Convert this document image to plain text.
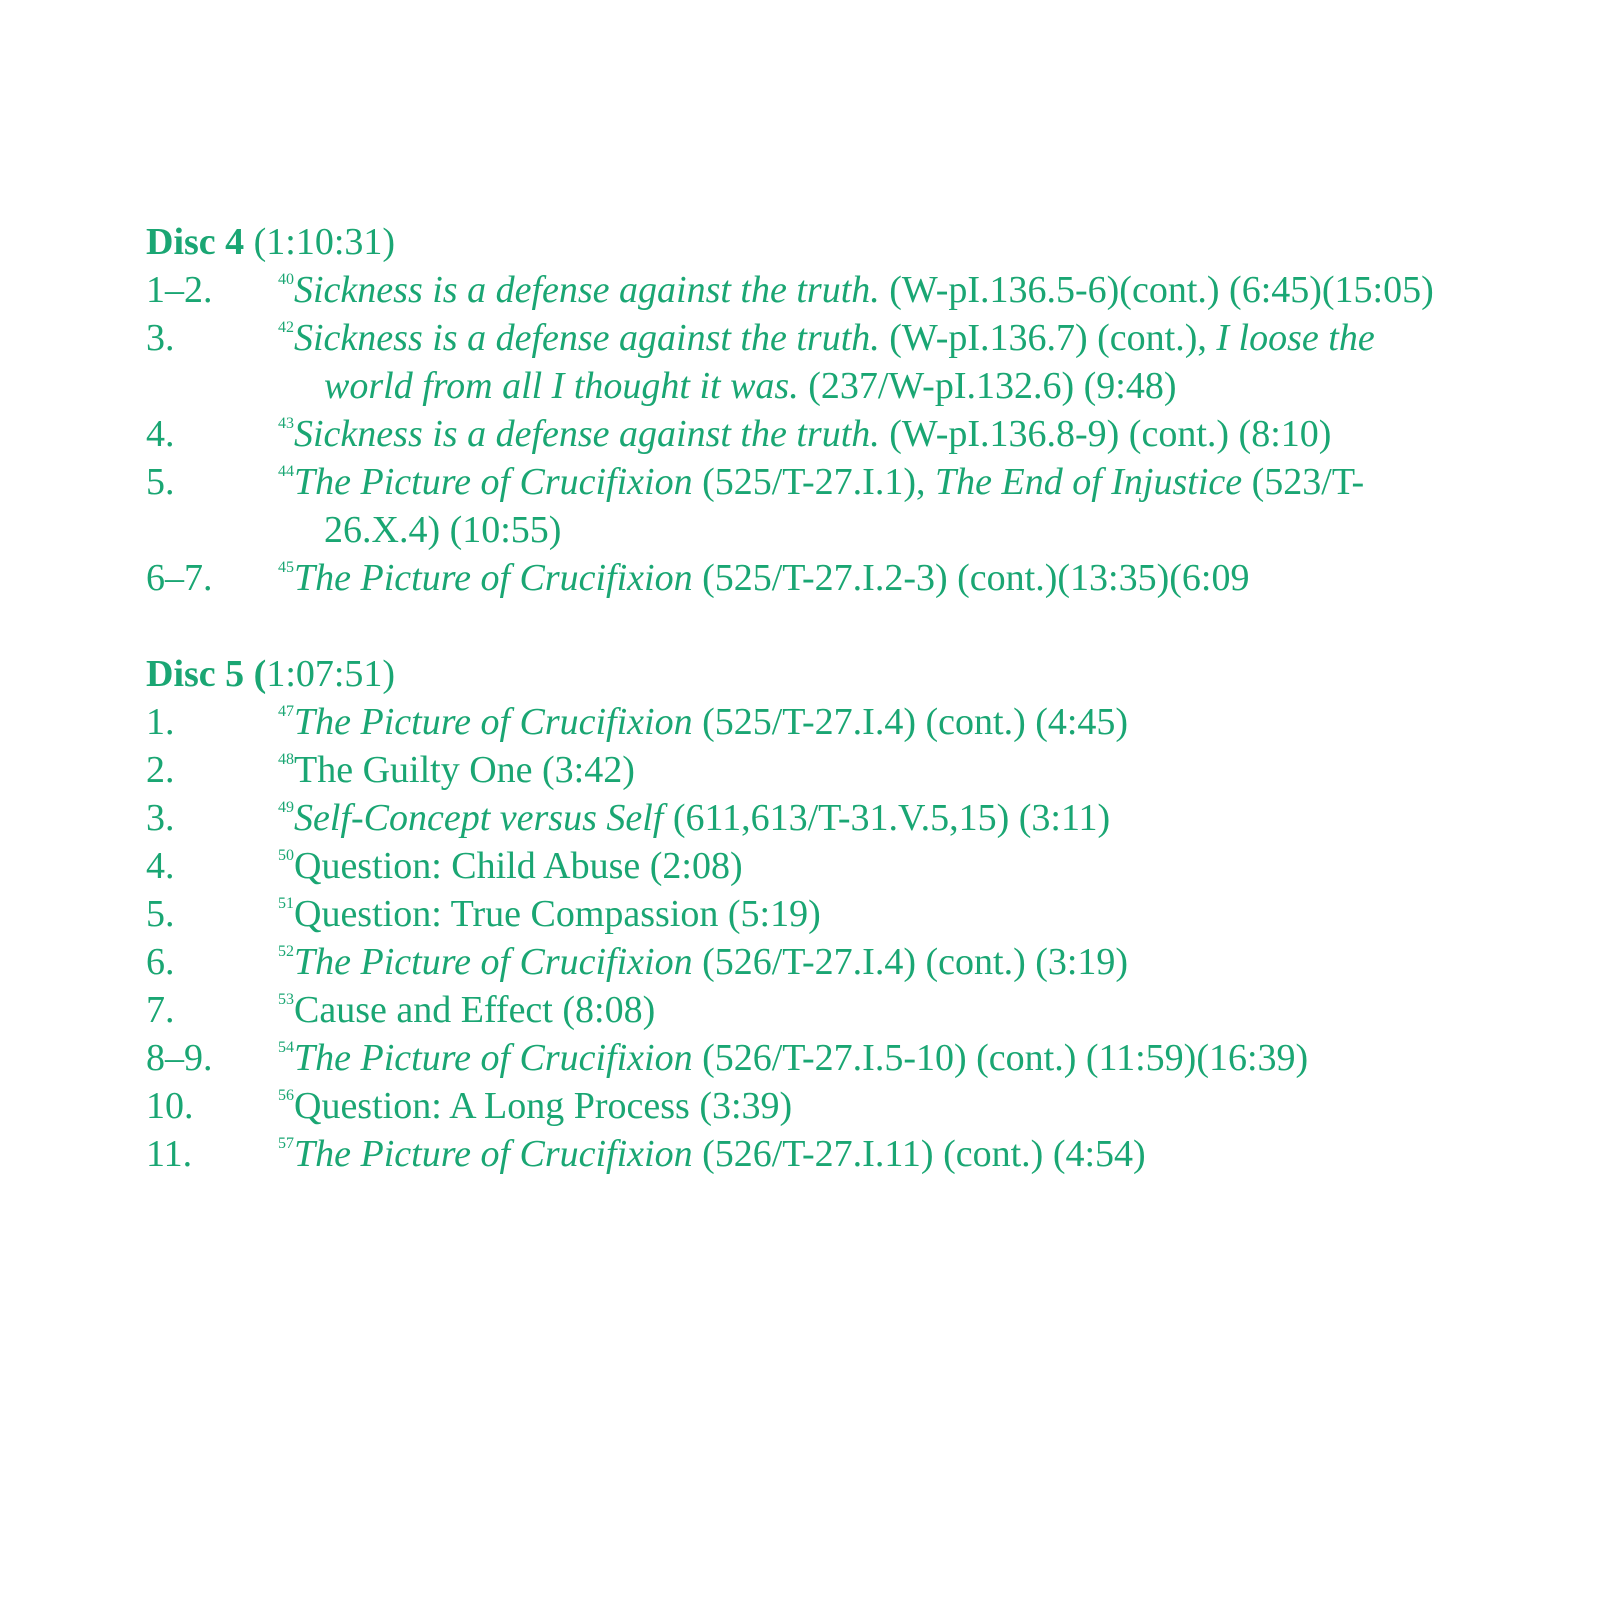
Disc 4 (1:10:31)
1–2.	$^{40}$Sickness is a defense against the truth. (W-pI.136.5-6)(cont.) (6:45)(15:05)
3.	$^{42}$Sickness is a defense against the truth. (W-pI.136.7) (cont.), I loose the world from all I thought it was. (237/W-pI.132.6) (9:48)
4.	$^{43}$Sickness is a defense against the truth. (W-pI.136.8-9) (cont.) (8:10)
5.	$^{44}$The Picture of Crucifixion (525/T-27.I.1), The End of Injustice (523/T-26.X.4) (10:55)
6–7.	$^{45}$The Picture of Crucifixion (525/T-27.I.2-3) (cont.)(13:35)(6:09
Disc 5 (1:07:51)
1.	$^{47}$The Picture of Crucifixion (525/T-27.I.4) (cont.) (4:45)
2.	$^{48}$The Guilty One (3:42)
3.	$^{49}$Self-Concept versus Self (611,613/T-31.V.5,15) (3:11)
4.	$^{50}$Question: Child Abuse (2:08)
5.	$^{51}$Question: True Compassion (5:19)
6.	$^{52}$The Picture of Crucifixion (526/T-27.I.4) (cont.) (3:19)
7.	$^{53}$Cause and Effect (8:08)
8–9.	$^{54}$The Picture of Crucifixion (526/T-27.I.5-10) (cont.) (11:59)(16:39)
10.	$^{56}$Question: A Long Process (3:39)
11.	$^{57}$The Picture of Crucifixion (526/T-27.I.11) (cont.) (4:54)
